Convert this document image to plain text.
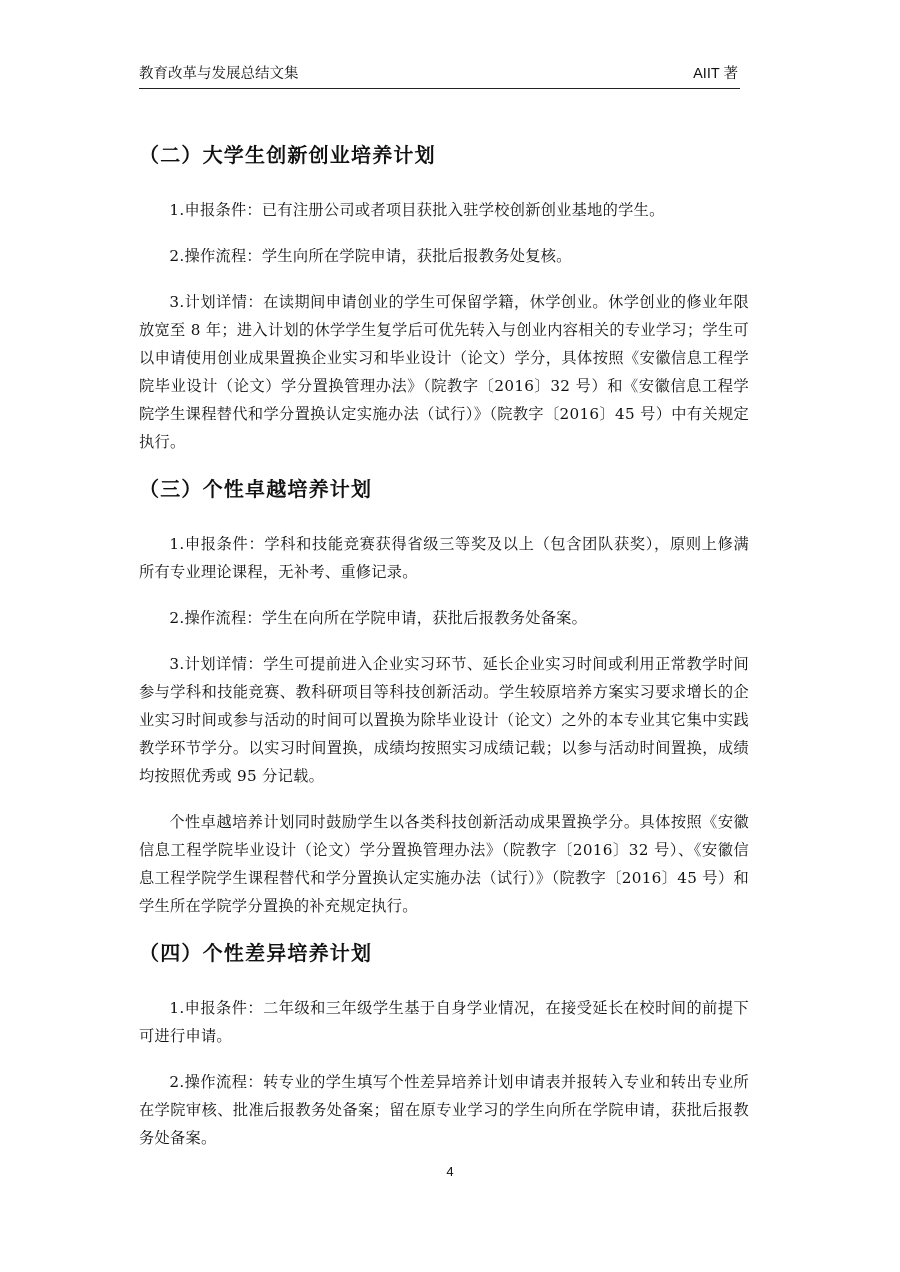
教育改革与发展总结文集	AIIT 著
（二）大学生创新创业培养计划

1.申报条件：已有注册公司或者项目获批入驻学校创新创业基地的学生。

2.操作流程：学生向所在学院申请，获批后报教务处复核。

3.计划详情：在读期间申请创业的学生可保留学籍，休学创业。休学创业的修业年限放宽至 8 年；进入计划的休学学生复学后可优先转入与创业内容相关的专业学习；学生可以申请使用创业成果置换企业实习和毕业设计（论文）学分，具体按照《安徽信息工程学院毕业设计（论文）学分置换管理办法》（院教字〔2016〕32 号）和《安徽信息工程学院学生课程替代和学分置换认定实施办法（试行）》（院教字〔2016〕45 号）中有关规定执行。

（三）个性卓越培养计划

1.申报条件：学科和技能竞赛获得省级三等奖及以上（包含团队获奖），原则上修满所有专业理论课程，无补考、重修记录。

2.操作流程：学生在向所在学院申请，获批后报教务处备案。

3.计划详情：学生可提前进入企业实习环节、延长企业实习时间或利用正常教学时间参与学科和技能竞赛、教科研项目等科技创新活动。学生较原培养方案实习要求增长的企业实习时间或参与活动的时间可以置换为除毕业设计（论文）之外的本专业其它集中实践教学环节学分。以实习时间置换，成绩均按照实习成绩记载；以参与活动时间置换，成绩均按照优秀或 95 分记载。

个性卓越培养计划同时鼓励学生以各类科技创新活动成果置换学分。具体按照《安徽信息工程学院毕业设计（论文）学分置换管理办法》（院教字〔2016〕32 号）、《安徽信息工程学院学生课程替代和学分置换认定实施办法（试行）》（院教字〔2016〕45 号）和学生所在学院学分置换的补充规定执行。

（四）个性差异培养计划

1.申报条件：二年级和三年级学生基于自身学业情况，在接受延长在校时间的前提下可进行申请。

2.操作流程：转专业的学生填写个性差异培养计划申请表并报转入专业和转出专业所在学院审核、批准后报教务处备案；留在原专业学习的学生向所在学院申请，获批后报教务处备案。

4
